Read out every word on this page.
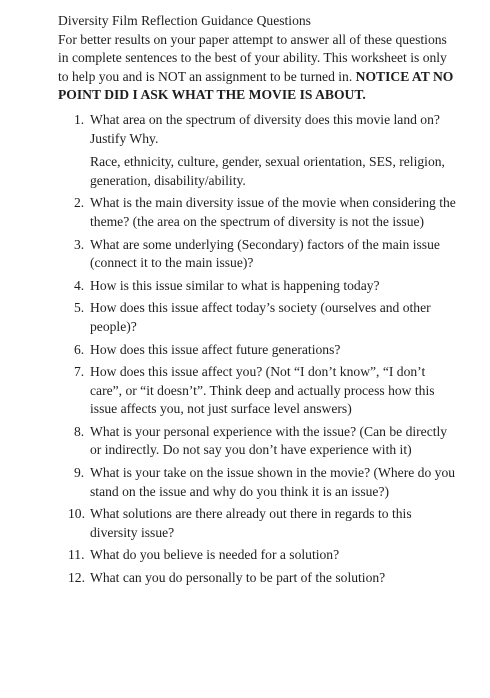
Diversity Film Reflection Guidance Questions

For better results on your paper attempt to answer all of these questions in complete sentences to the best of your ability. This worksheet is only to help you and is NOT an assignment to be turned in. NOTICE AT NO POINT DID I ASK WHAT THE MOVIE IS ABOUT.

1. What area on the spectrum of diversity does this movie land on? Justify Why.

Race, ethnicity, culture, gender, sexual orientation, SES, religion, generation, disability/ability.

2. What is the main diversity issue of the movie when considering the theme? (the area on the spectrum of diversity is not the issue)
3. What are some underlying (Secondary) factors of the main issue (connect it to the main issue)?
4. How is this issue similar to what is happening today?
5. How does this issue affect today’s society (ourselves and other people)?
6. How does this issue affect future generations?
7. How does this issue affect you? (Not “I don’t know”, “I don’t care”, or “it doesn’t”. Think deep and actually process how this issue affects you, not just surface level answers)
8. What is your personal experience with the issue? (Can be directly or indirectly. Do not say you don’t have experience with it)
9. What is your take on the issue shown in the movie? (Where do you stand on the issue and why do you think it is an issue?)
10. What solutions are there already out there in regards to this diversity issue?
11. What do you believe is needed for a solution?
12. What can you do personally to be part of the solution?
